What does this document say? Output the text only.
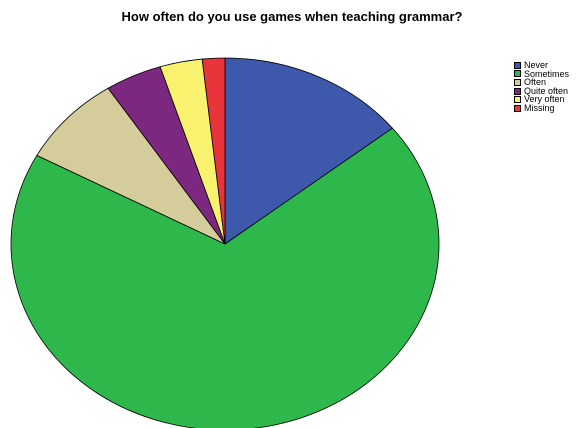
How often do you use games when teaching grammar?
Never
Sometimes
Often
Quite often
Very often
Missing
